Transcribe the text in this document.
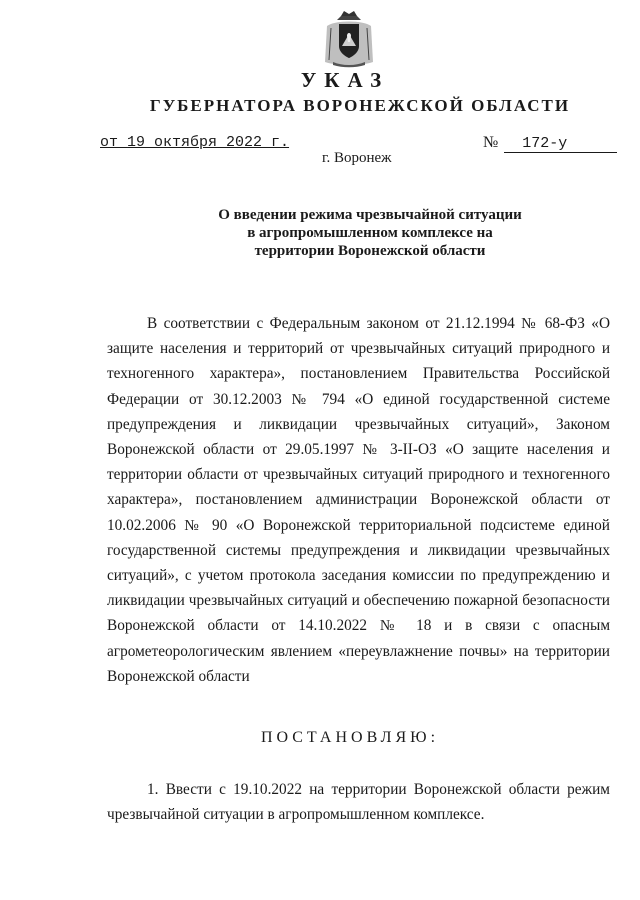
УКАЗ
ГУБЕРНАТОРА ВОРОНЕЖСКОЙ ОБЛАСТИ
от 19 октября 2022 г.	№ 172-у
г. Воронеж
О введении режима чрезвычайной ситуации
в агропромышленном комплексе на
территории Воронежской области
В соответствии с Федеральным законом от 21.12.1994 № 68-ФЗ «О защите населения и территорий от чрезвычайных ситуаций природного и техногенного характера», постановлением Правительства Российской Федерации от 30.12.2003 № 794 «О единой государственной системе предупреждения и ликвидации чрезвычайных ситуаций», Законом Воронежской области от 29.05.1997 № 3-II-ОЗ «О защите населения и территории области от чрезвычайных ситуаций природного и техногенного характера», постановлением администрации Воронежской области от 10.02.2006 № 90 «О Воронежской территориальной подсистеме единой государственной системы предупреждения и ликвидации чрезвычайных ситуаций», с учетом протокола заседания комиссии по предупреждению и ликвидации чрезвычайных ситуаций и обеспечению пожарной безопасности Воронежской области от 14.10.2022 № 18 и в связи с опасным агрометеорологическим явлением «переувлажнение почвы» на территории Воронежской области
ПОСТАНОВЛЯЮ:
1. Ввести с 19.10.2022 на территории Воронежской области режим чрезвычайной ситуации в агропромышленном комплексе.
